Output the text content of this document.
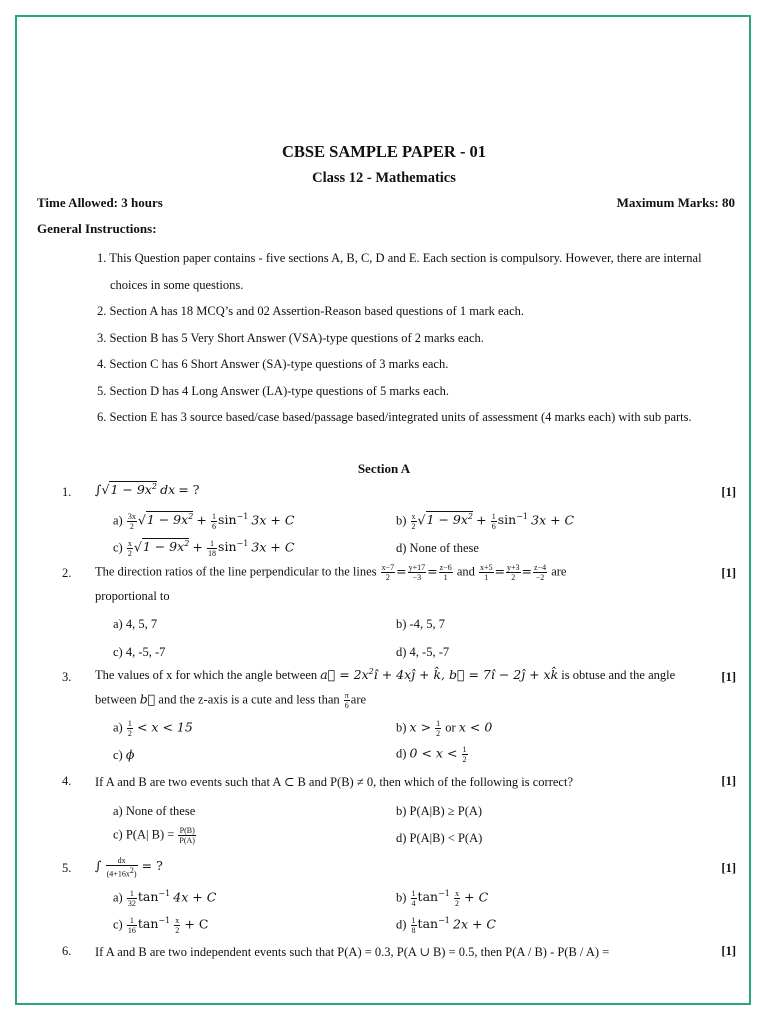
CBSE SAMPLE PAPER - 01
Class 12 - Mathematics
Time Allowed: 3 hours	Maximum Marks: 80
General Instructions:
1. This Question paper contains - five sections A, B, C, D and E. Each section is compulsory. However, there are internal choices in some questions.
2. Section A has 18 MCQ’s and 02 Assertion-Reason based questions of 1 mark each.
3. Section B has 5 Very Short Answer (VSA)-type questions of 2 marks each.
4. Section C has 6 Short Answer (SA)-type questions of 3 marks each.
5. Section D has 4 Long Answer (LA)-type questions of 5 marks each.
6. Section E has 3 source based/case based/passage based/integrated units of assessment (4 marks each) with sub parts.
Section A
1. $\int√1 - 9x^2$ dx = ?	[1]
$a) \frac{3x}{2} √1 - 9x^2 + \frac{1}{6} \sin^{-1} 3x + C$	$b) \frac{x}{2} √1 - 9x^2 + \frac{1}{6} \sin^{-1} 3x + C$
$c) \frac{x}{2} √1 - 9x^2 + \frac{1}{18} \sin^{-1} 3x + C$	d) None of these
2. The direction ratios of the line perpendicular to the lines $\frac{x-7}{2} = \frac{y+17}{-3} = \frac{z-6}{1}$ and $\frac{x+5}{1} = \frac{y+3}{2} = \frac{z-4}{-2}$ are
proportional to
[1]
a) 4, 5, 7	b) -4, 5, 7
c) 4, -5, -7	d) 4, -5, -7
3. The values of x for which the angle between a⃗ = $2x^2î$ + 4xĵ + k̂, b⃗ = 7î − 2ĵ + xk̂ is obtuse and the angle
between b⃗ and the z-axis is a cute and less than $\frac{\pi}{6}$ are
[1]
$a) \frac{1}{2} < x < 15$	b) $x > \frac{1}{2}$ or x < 0
c) ϕ	d) $0 < x < \frac{1}{2}$
4. If A and B are two events such that A ⊂ B and P(B) ≠ 0, then which of the following is correct?	[1]
a) None of these	b) P(A|B) ≥ P(A)
c) P(A| $B) = \frac{P(B)}{P(A)}$	d) P(A|B) < P(A)
5. ∫ $\frac{dx}{(4+16x^2)}$ = ?	[1]
$a) \frac{1}{32} \tan^{-1} 4x + C$	$b) \frac{1}{4} \tan^{-1} \frac{x}{2} + C$
$c) \frac{1}{16} \tan^{-1} \frac{x}{2} + C$	$d) \frac{1}{8} \tan^{-1} 2x + C$
6. If A and B are two independent events such that P(A) = 0.3, P(A ∪ B) = 0.5, then P(A / B) - P(B / A) =	[1]
